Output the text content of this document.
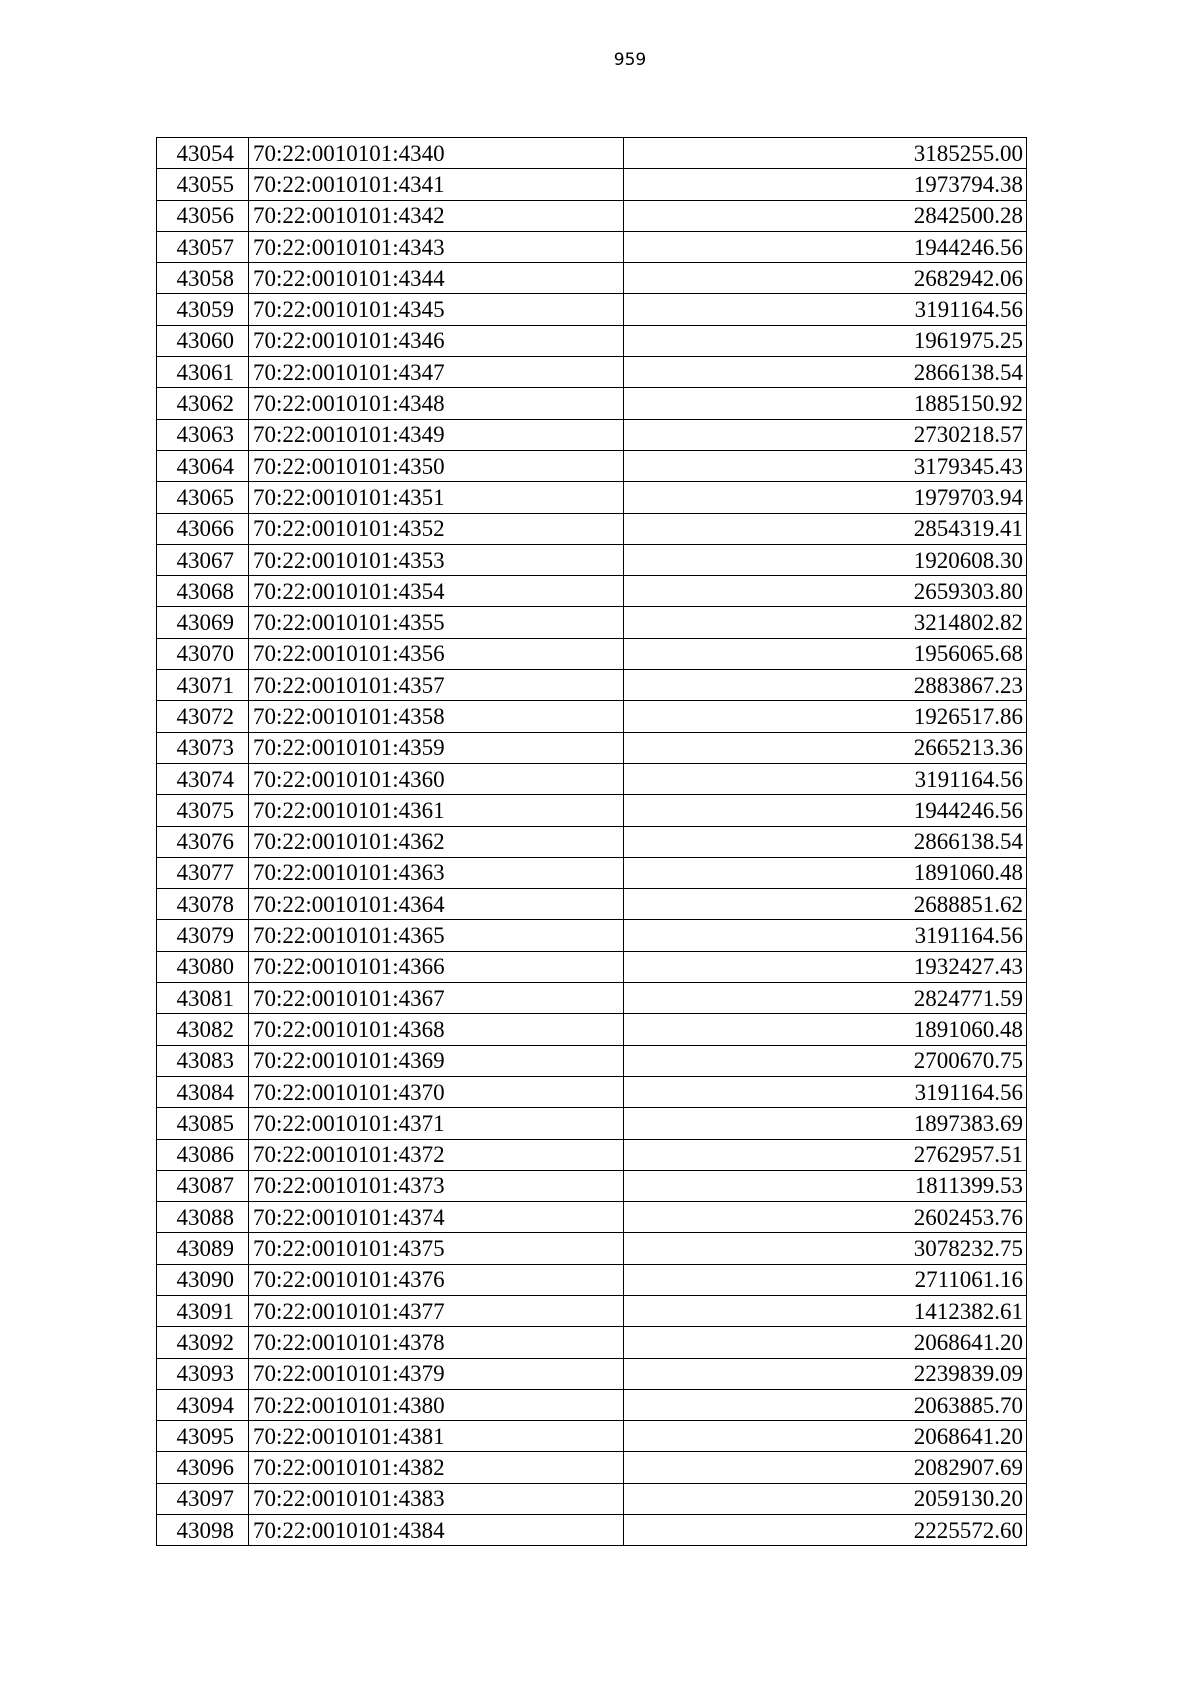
959
43054	70:22:0010101:4340	3185255.00
43055	70:22:0010101:4341	1973794.38
43056	70:22:0010101:4342	2842500.28
43057	70:22:0010101:4343	1944246.56
43058	70:22:0010101:4344	2682942.06
43059	70:22:0010101:4345	3191164.56
43060	70:22:0010101:4346	1961975.25
43061	70:22:0010101:4347	2866138.54
43062	70:22:0010101:4348	1885150.92
43063	70:22:0010101:4349	2730218.57
43064	70:22:0010101:4350	3179345.43
43065	70:22:0010101:4351	1979703.94
43066	70:22:0010101:4352	2854319.41
43067	70:22:0010101:4353	1920608.30
43068	70:22:0010101:4354	2659303.80
43069	70:22:0010101:4355	3214802.82
43070	70:22:0010101:4356	1956065.68
43071	70:22:0010101:4357	2883867.23
43072	70:22:0010101:4358	1926517.86
43073	70:22:0010101:4359	2665213.36
43074	70:22:0010101:4360	3191164.56
43075	70:22:0010101:4361	1944246.56
43076	70:22:0010101:4362	2866138.54
43077	70:22:0010101:4363	1891060.48
43078	70:22:0010101:4364	2688851.62
43079	70:22:0010101:4365	3191164.56
43080	70:22:0010101:4366	1932427.43
43081	70:22:0010101:4367	2824771.59
43082	70:22:0010101:4368	1891060.48
43083	70:22:0010101:4369	2700670.75
43084	70:22:0010101:4370	3191164.56
43085	70:22:0010101:4371	1897383.69
43086	70:22:0010101:4372	2762957.51
43087	70:22:0010101:4373	1811399.53
43088	70:22:0010101:4374	2602453.76
43089	70:22:0010101:4375	3078232.75
43090	70:22:0010101:4376	2711061.16
43091	70:22:0010101:4377	1412382.61
43092	70:22:0010101:4378	2068641.20
43093	70:22:0010101:4379	2239839.09
43094	70:22:0010101:4380	2063885.70
43095	70:22:0010101:4381	2068641.20
43096	70:22:0010101:4382	2082907.69
43097	70:22:0010101:4383	2059130.20
43098	70:22:0010101:4384	2225572.60
